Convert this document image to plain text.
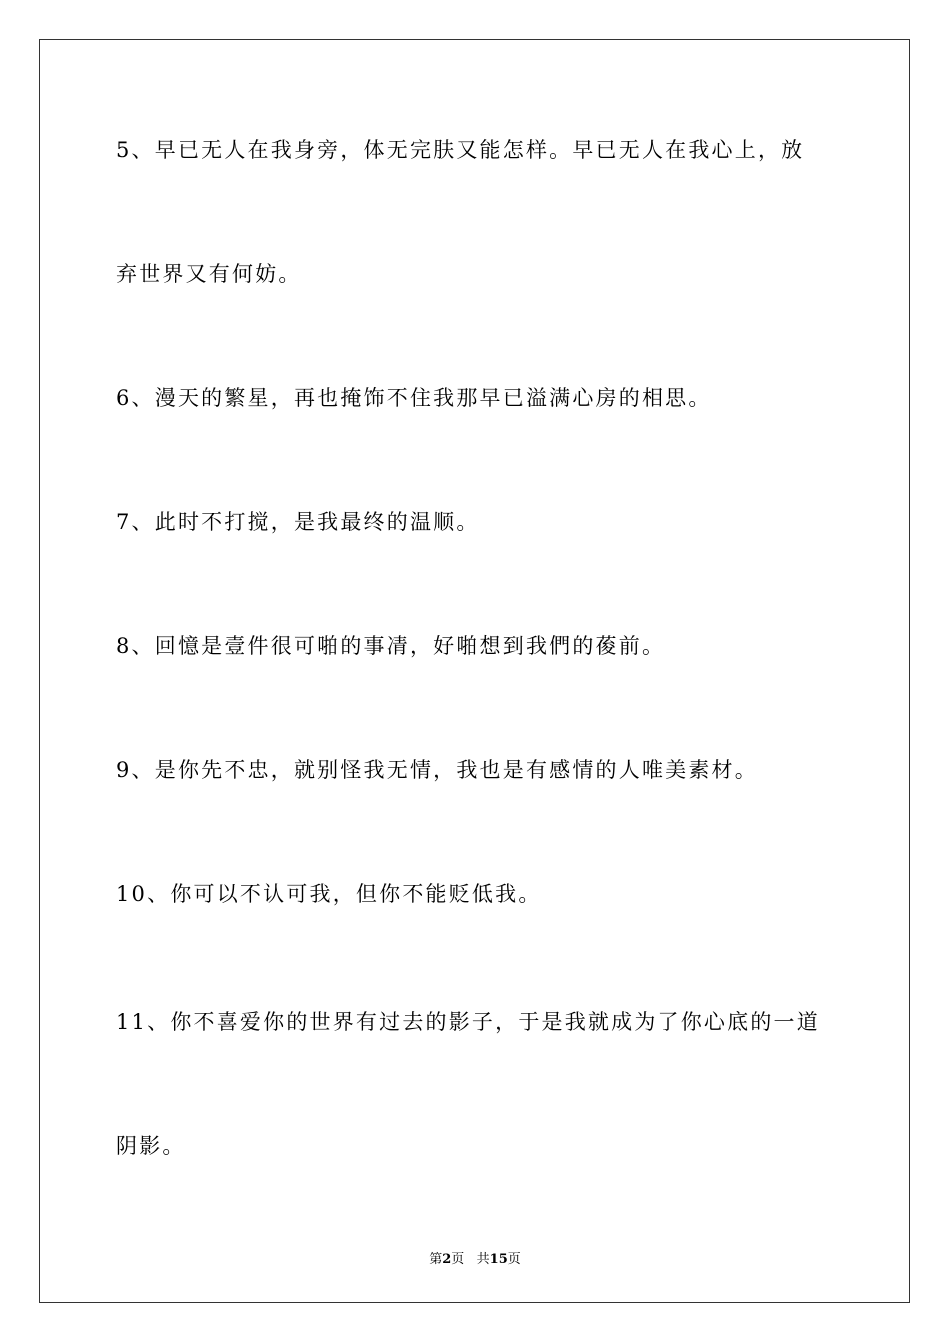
5、早已无人在我身旁，体无完肤又能怎样。早已无人在我心上，放
弃世界又有何妨。
6、漫天的繁星，再也掩饰不住我那早已溢满心房的相思。
7、此时不打搅，是我最终的温顺。
8、回憶是壹件很可啪的事凊，好啪想到我們的葰前。
9、是你先不忠，就别怪我无情，我也是有感情的人唯美素材。
10、你可以不认可我，但你不能贬低我。
11、你不喜爱你的世界有过去的影子，于是我就成为了你心底的一道
阴影。
第2页   共15页
